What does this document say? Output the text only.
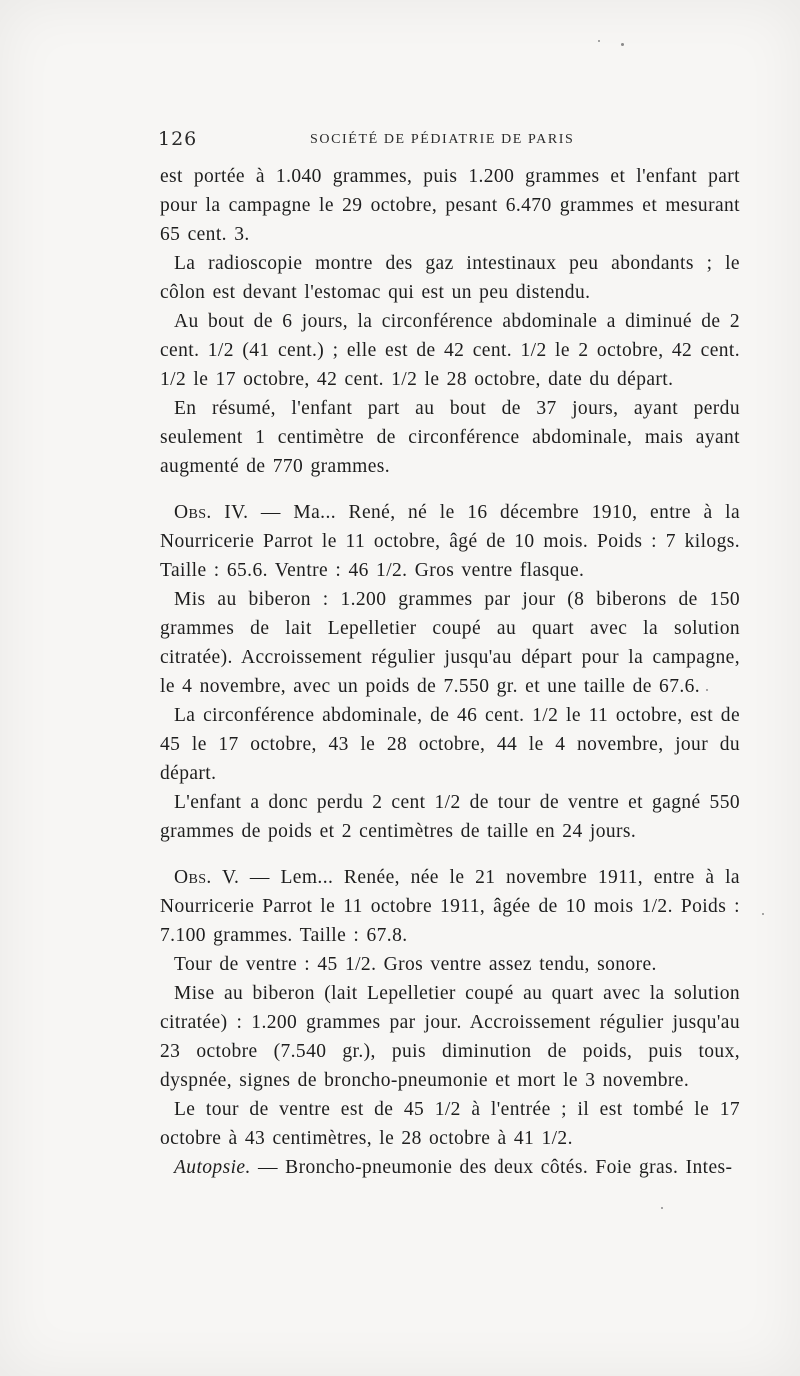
126	SOCIÉTÉ DE PÉDIATRIE DE PARIS

est portée à 1.040 grammes, puis 1.200 grammes et l'enfant part pour la campagne le 29 octobre, pesant 6.470 grammes et mesurant 65 cent. 3.

La radioscopie montre des gaz intestinaux peu abondants ; le côlon est devant l'estomac qui est un peu distendu.

Au bout de 6 jours, la circonférence abdominale a diminué de 2 cent. 1/2 (41 cent.) ; elle est de 42 cent. 1/2 le 2 octobre, 42 cent. 1/2 le 17 octobre, 42 cent. 1/2 le 28 octobre, date du départ.

En résumé, l'enfant part au bout de 37 jours, ayant perdu seulement 1 centimètre de circonférence abdominale, mais ayant augmenté de 770 grammes.

Obs. IV. — Ma... René, né le 16 décembre 1910, entre à la Nourricerie Parrot le 11 octobre, âgé de 10 mois. Poids : 7 kilogs. Taille : 65.6. Ventre : 46 1/2. Gros ventre flasque.

Mis au biberon : 1.200 grammes par jour (8 biberons de 150 grammes de lait Lepelletier coupé au quart avec la solution citratée). Accroissement régulier jusqu'au départ pour la campagne, le 4 novembre, avec un poids de 7.550 gr. et une taille de 67.6.

La circonférence abdominale, de 46 cent. 1/2 le 11 octobre, est de 45 le 17 octobre, 43 le 28 octobre, 44 le 4 novembre, jour du départ.

L'enfant a donc perdu 2 cent 1/2 de tour de ventre et gagné 550 grammes de poids et 2 centimètres de taille en 24 jours.

Obs. V. — Lem... Renée, née le 21 novembre 1911, entre à la Nourricerie Parrot le 11 octobre 1911, âgée de 10 mois 1/2. Poids : 7.100 grammes. Taille : 67.8.

Tour de ventre : 45 1/2. Gros ventre assez tendu, sonore.

Mise au biberon (lait Lepelletier coupé au quart avec la solution citratée) : 1.200 grammes par jour. Accroissement régulier jusqu'au 23 octobre (7.540 gr.), puis diminution de poids, puis toux, dyspnée, signes de broncho-pneumonie et mort le 3 novembre.

Le tour de ventre est de 45 1/2 à l'entrée ; il est tombé le 17 octobre à 43 centimètres, le 28 octobre à 41 1/2.

Autopsie. — Broncho-pneumonie des deux côtés. Foie gras. Intes-
